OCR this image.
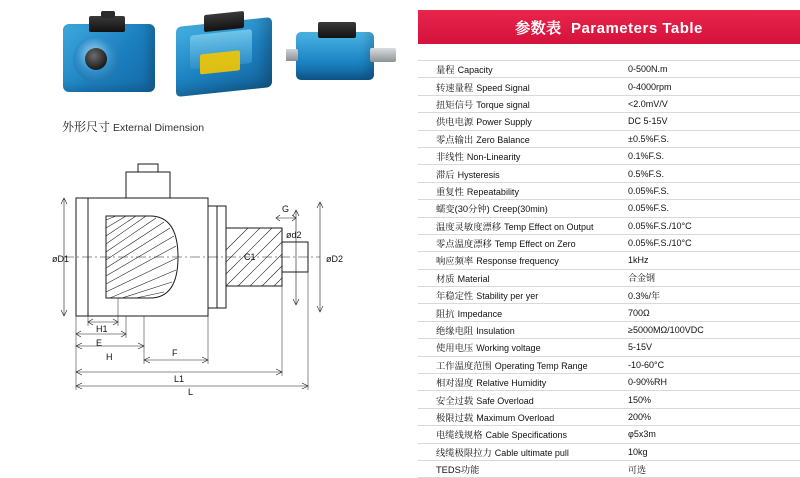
外形尺寸 External Dimension
øD1
ød2
øD2
C1
G
H1
E
F
H
L1
L
参数表 Parameters Table
量程 Capacity	0-500N.m
转速量程 Speed Signal	0-4000rpm
扭矩信号 Torque signal	<2.0mV/V
供电电源 Power Supply	DC 5-15V
零点输出 Zero Balance	±0.5%F.S.
非线性 Non-Linearity	0.1%F.S.
滞后 Hysteresis	0.5%F.S.
重复性 Repeatability	0.05%F.S.
蠕变(30分钟) Creep(30min)	0.05%F.S.
温度灵敏度漂移 Temp Effect on Output	0.05%F.S./10°C
零点温度漂移 Temp Effect on Zero	0.05%F.S./10°C
响应频率 Response frequency	1kHz
材质 Material	合金钢
年稳定性 Stability per yer	0.3%/年
阻抗 Impedance	700Ω
绝缘电阻 Insulation	≥5000MΩ/100VDC
使用电压 Working voltage	5-15V
工作温度范围 Operating Temp Range	-10-60°C
相对湿度 Relative Humidity	0-90%RH
安全过载 Safe Overload	150%
极限过载 Maximum Overload	200%
电缆线规格 Cable Specifications	φ5x3m
线缆极限拉力 Cable ultimate pull	10kg
TEDS功能	可选
